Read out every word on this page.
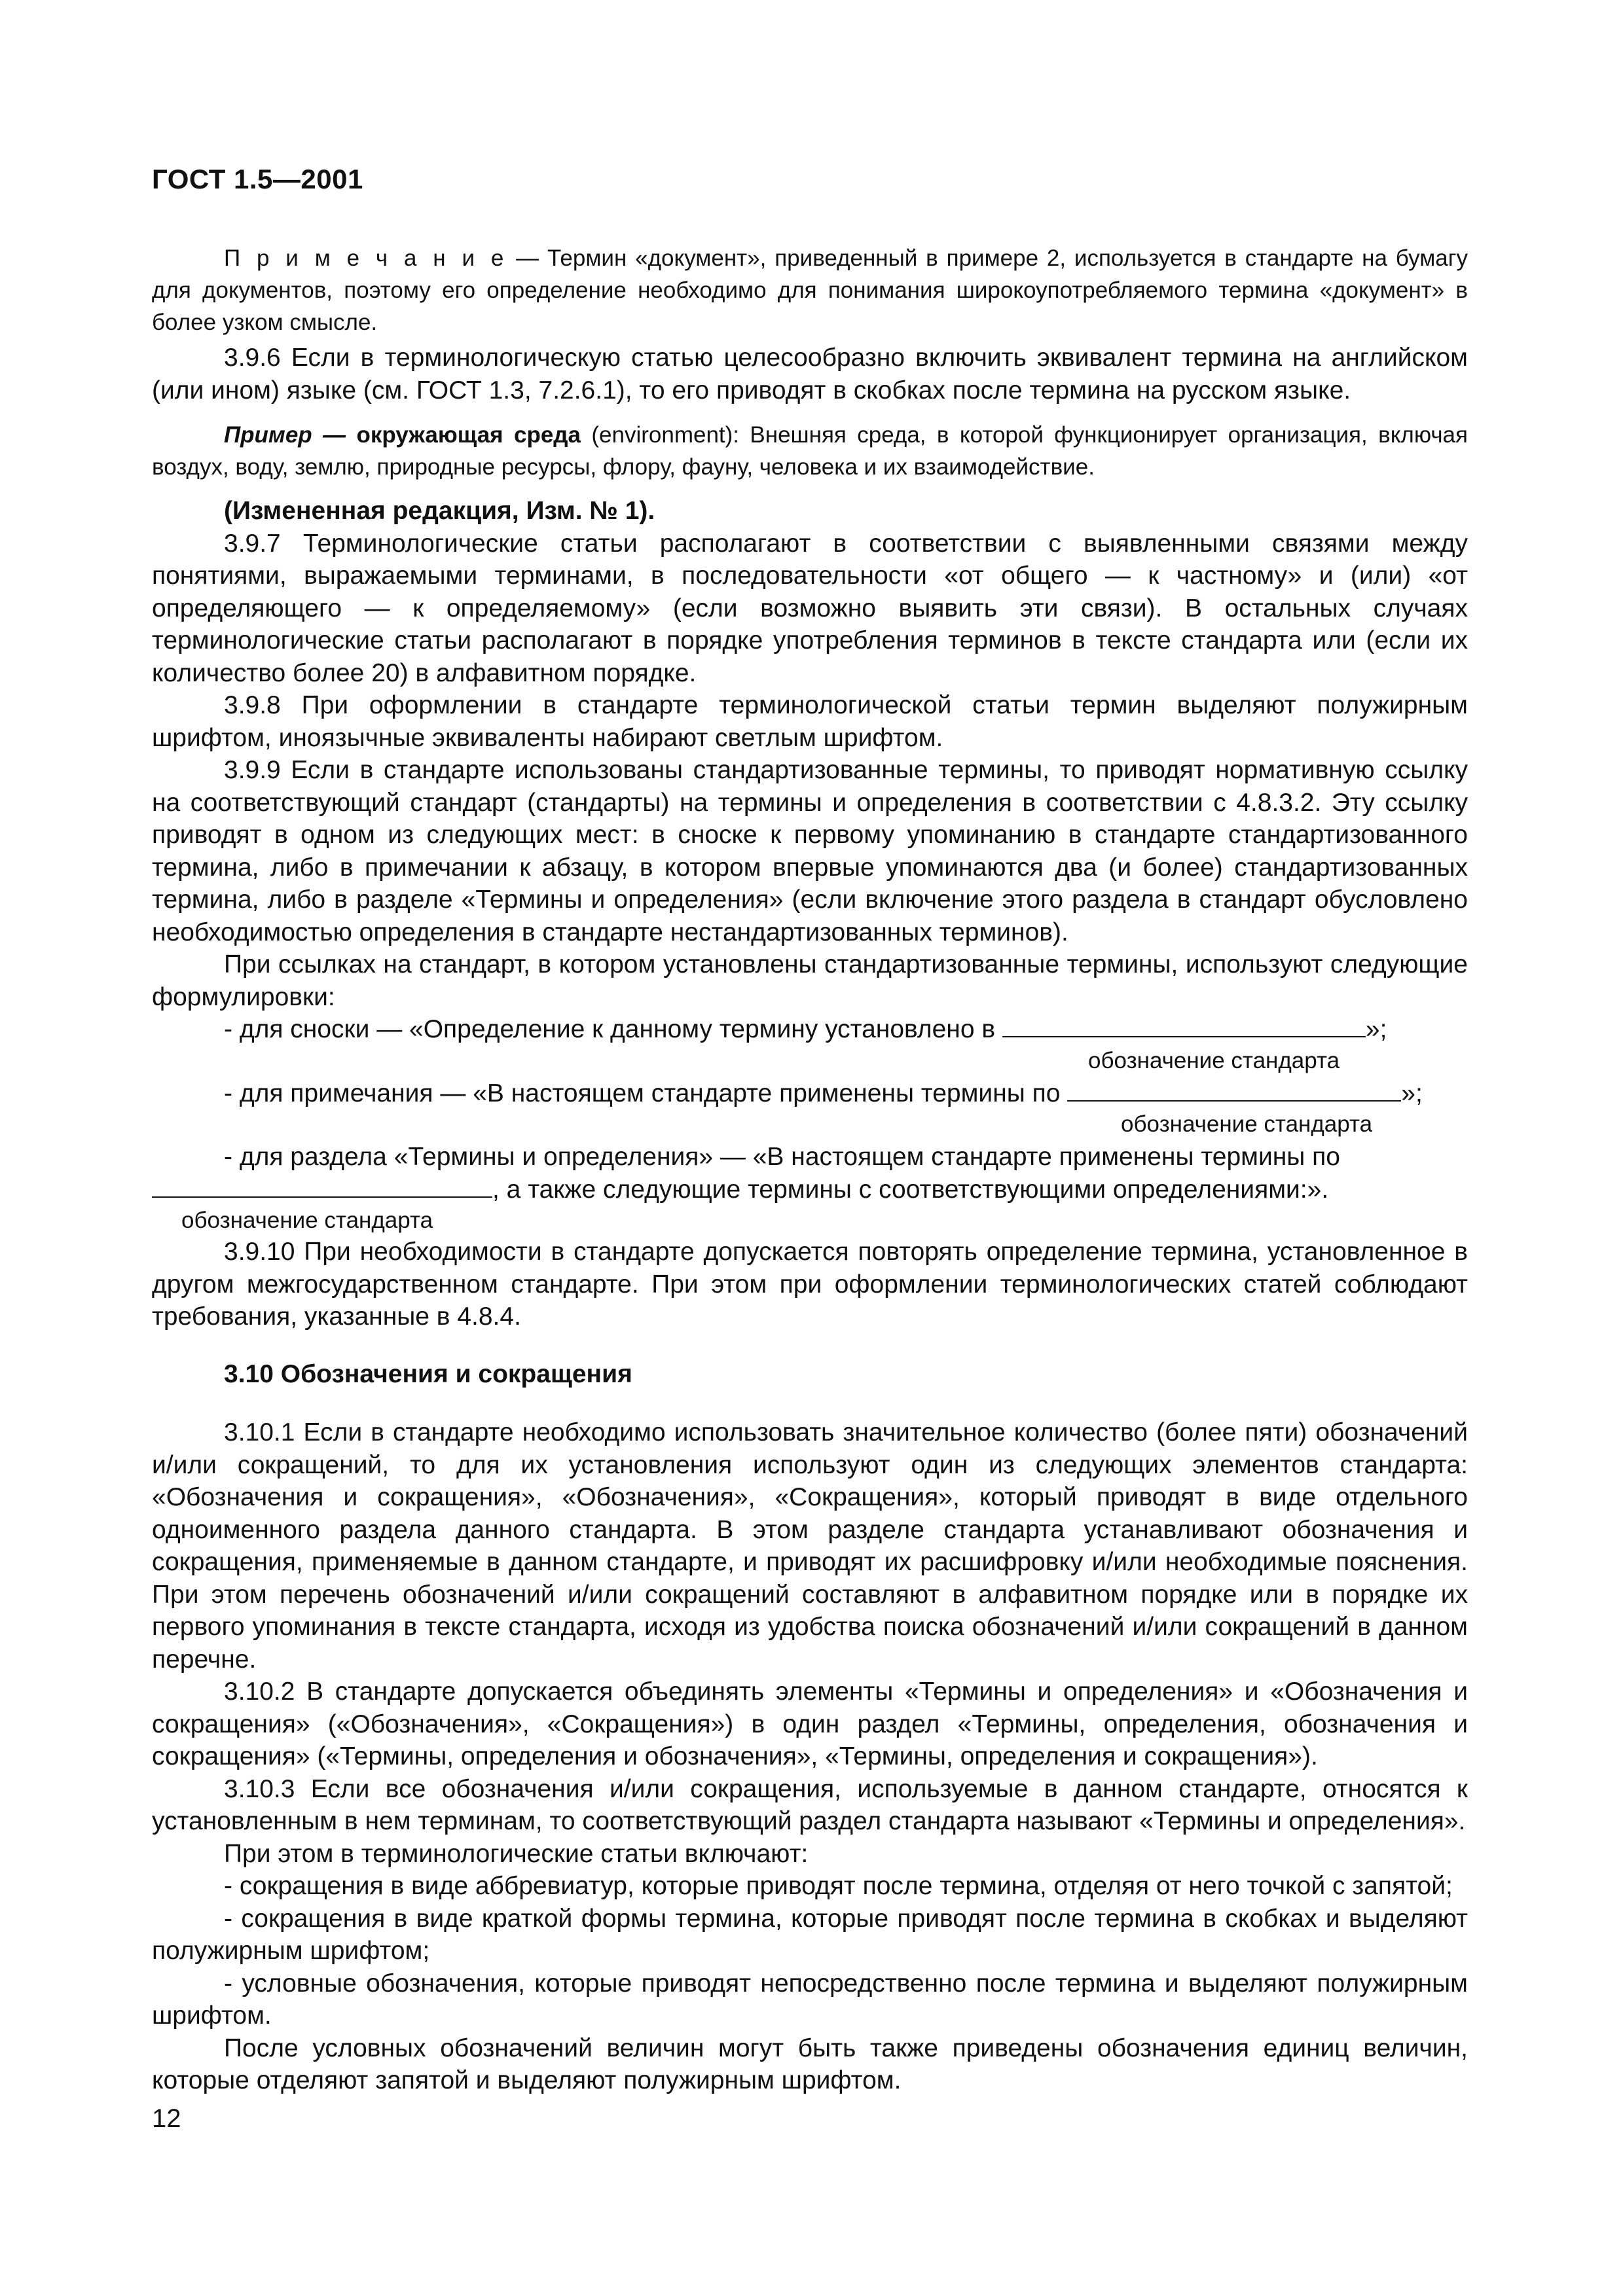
ГОСТ 1.5—2001

П р и м е ч а н и е — Термин «документ», приведенный в примере 2, используется в стандарте на бумагу для документов, поэтому его определение необходимо для понимания широкоупотребляемого термина «документ» в более узком смысле.

3.9.6 Если в терминологическую статью целесообразно включить эквивалент термина на английском (или ином) языке (см. ГОСТ 1.3, 7.2.6.1), то его приводят в скобках после термина на русском языке.

Пример — окружающая среда (environment): Внешняя среда, в которой функционирует организация, включая воздух, воду, землю, природные ресурсы, флору, фауну, человека и их взаимодействие.

(Измененная редакция, Изм. № 1).

3.9.7 Терминологические статьи располагают в соответствии с выявленными связями между понятиями, выражаемыми терминами, в последовательности «от общего — к частному» и (или) «от определяющего — к определяемому» (если возможно выявить эти связи). В остальных случаях терминологические статьи располагают в порядке употребления терминов в тексте стандарта или (если их количество более 20) в алфавитном порядке.

3.9.8 При оформлении в стандарте терминологической статьи термин выделяют полужирным шрифтом, иноязычные эквиваленты набирают светлым шрифтом.

3.9.9 Если в стандарте использованы стандартизованные термины, то приводят нормативную ссылку на соответствующий стандарт (стандарты) на термины и определения в соответствии с 4.8.3.2. Эту ссылку приводят в одном из следующих мест: в сноске к первому упоминанию в стандарте стандартизованного термина, либо в примечании к абзацу, в котором впервые упоминаются два (и более) стандартизованных термина, либо в разделе «Термины и определения» (если включение этого раздела в стандарт обусловлено необходимостью определения в стандарте нестандартизованных терминов).

При ссылках на стандарт, в котором установлены стандартизованные термины, используют следующие формулировки:

- для сноски — «Определение к данному термину установлено в	»;
обозначение стандарта
- для примечания — «В настоящем стандарте применены термины по	»;
обозначение стандарта
- для раздела «Термины и определения» — «В настоящем стандарте применены термины по
, а также следующие термины с соответствующими определениями:».
обозначение стандарта

3.9.10 При необходимости в стандарте допускается повторять определение термина, установленное в другом межгосударственном стандарте. При этом при оформлении терминологических статей соблюдают требования, указанные в 4.8.4.

3.10 Обозначения и сокращения

3.10.1 Если в стандарте необходимо использовать значительное количество (более пяти) обозначений и/или сокращений, то для их установления используют один из следующих элементов стандарта: «Обозначения и сокращения», «Обозначения», «Сокращения», который приводят в виде отдельного одноименного раздела данного стандарта. В этом разделе стандарта устанавливают обозначения и сокращения, применяемые в данном стандарте, и приводят их расшифровку и/или необходимые пояснения. При этом перечень обозначений и/или сокращений составляют в алфавитном порядке или в порядке их первого упоминания в тексте стандарта, исходя из удобства поиска обозначений и/или сокращений в данном перечне.

3.10.2 В стандарте допускается объединять элементы «Термины и определения» и «Обозначения и сокращения» («Обозначения», «Сокращения») в один раздел «Термины, определения, обозначения и сокращения» («Термины, определения и обозначения», «Термины, определения и сокращения»).

3.10.3 Если все обозначения и/или сокращения, используемые в данном стандарте, относятся к установленным в нем терминам, то соответствующий раздел стандарта называют «Термины и определения».

При этом в терминологические статьи включают:

- сокращения в виде аббревиатур, которые приводят после термина, отделяя от него точкой с запятой;

- сокращения в виде краткой формы термина, которые приводят после термина в скобках и выделяют полужирным шрифтом;

- условные обозначения, которые приводят непосредственно после термина и выделяют полужирным шрифтом.

После условных обозначений величин могут быть также приведены обозначения единиц величин, которые отделяют запятой и выделяют полужирным шрифтом.

12
